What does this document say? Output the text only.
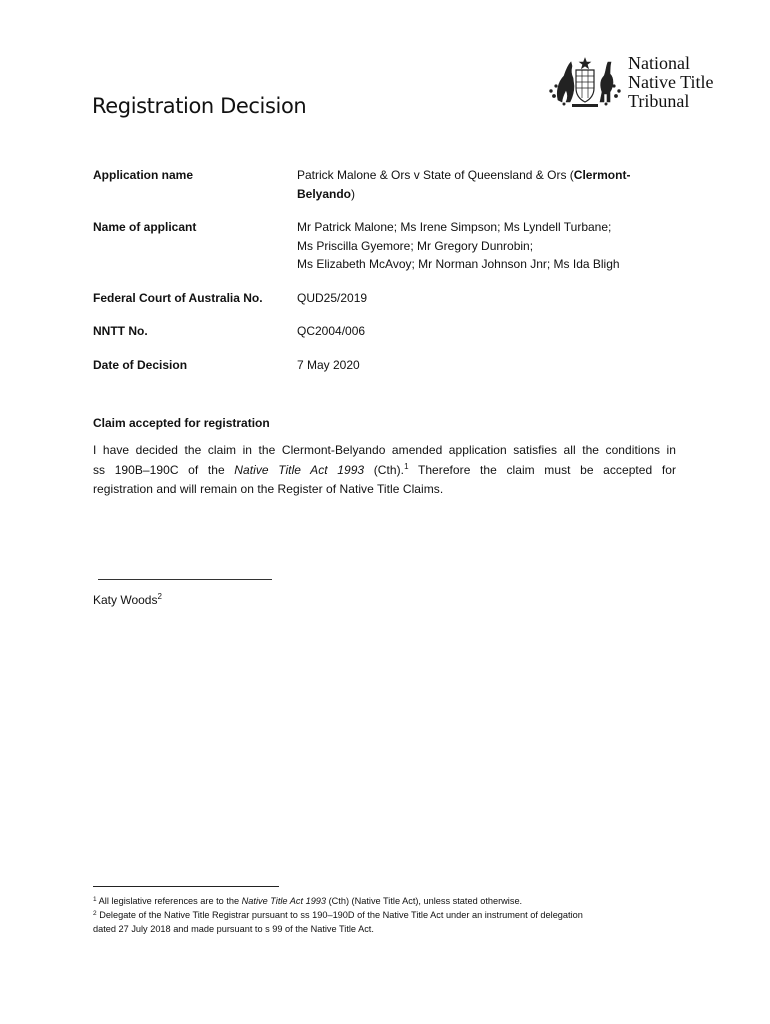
Registration Decision
National
Native Title
Tribunal
Application name	Patrick Malone & Ors v State of Queensland & Ors (Clermont-
Belyando)
Name of applicant	Mr Patrick Malone; Ms Irene Simpson; Ms Lyndell Turbane;
Ms Priscilla Gyemore; Mr Gregory Dunrobin;
Ms Elizabeth McAvoy; Mr Norman Johnson Jnr; Ms Ida Bligh
Federal Court of Australia No.	QUD25/2019
NNTT No.	QC2004/006
Date of Decision	7 May 2020
Claim accepted for registration
I have decided the claim in the Clermont-Belyando amended application satisfies all the conditions in
ss 190B–190C of the Native Title Act 1993 (Cth).$^1$ Therefore the claim must be accepted for
registration and will remain on the Register of Native Title Claims.
Katy Woods$^2$
$^1$ All legislative references are to the Native Title Act 1993 (Cth) (Native Title Act), unless stated otherwise.
$^2$ Delegate of the Native Title Registrar pursuant to ss 190–190D of the Native Title Act under an instrument of delegation
dated 27 July 2018 and made pursuant to s 99 of the Native Title Act.
